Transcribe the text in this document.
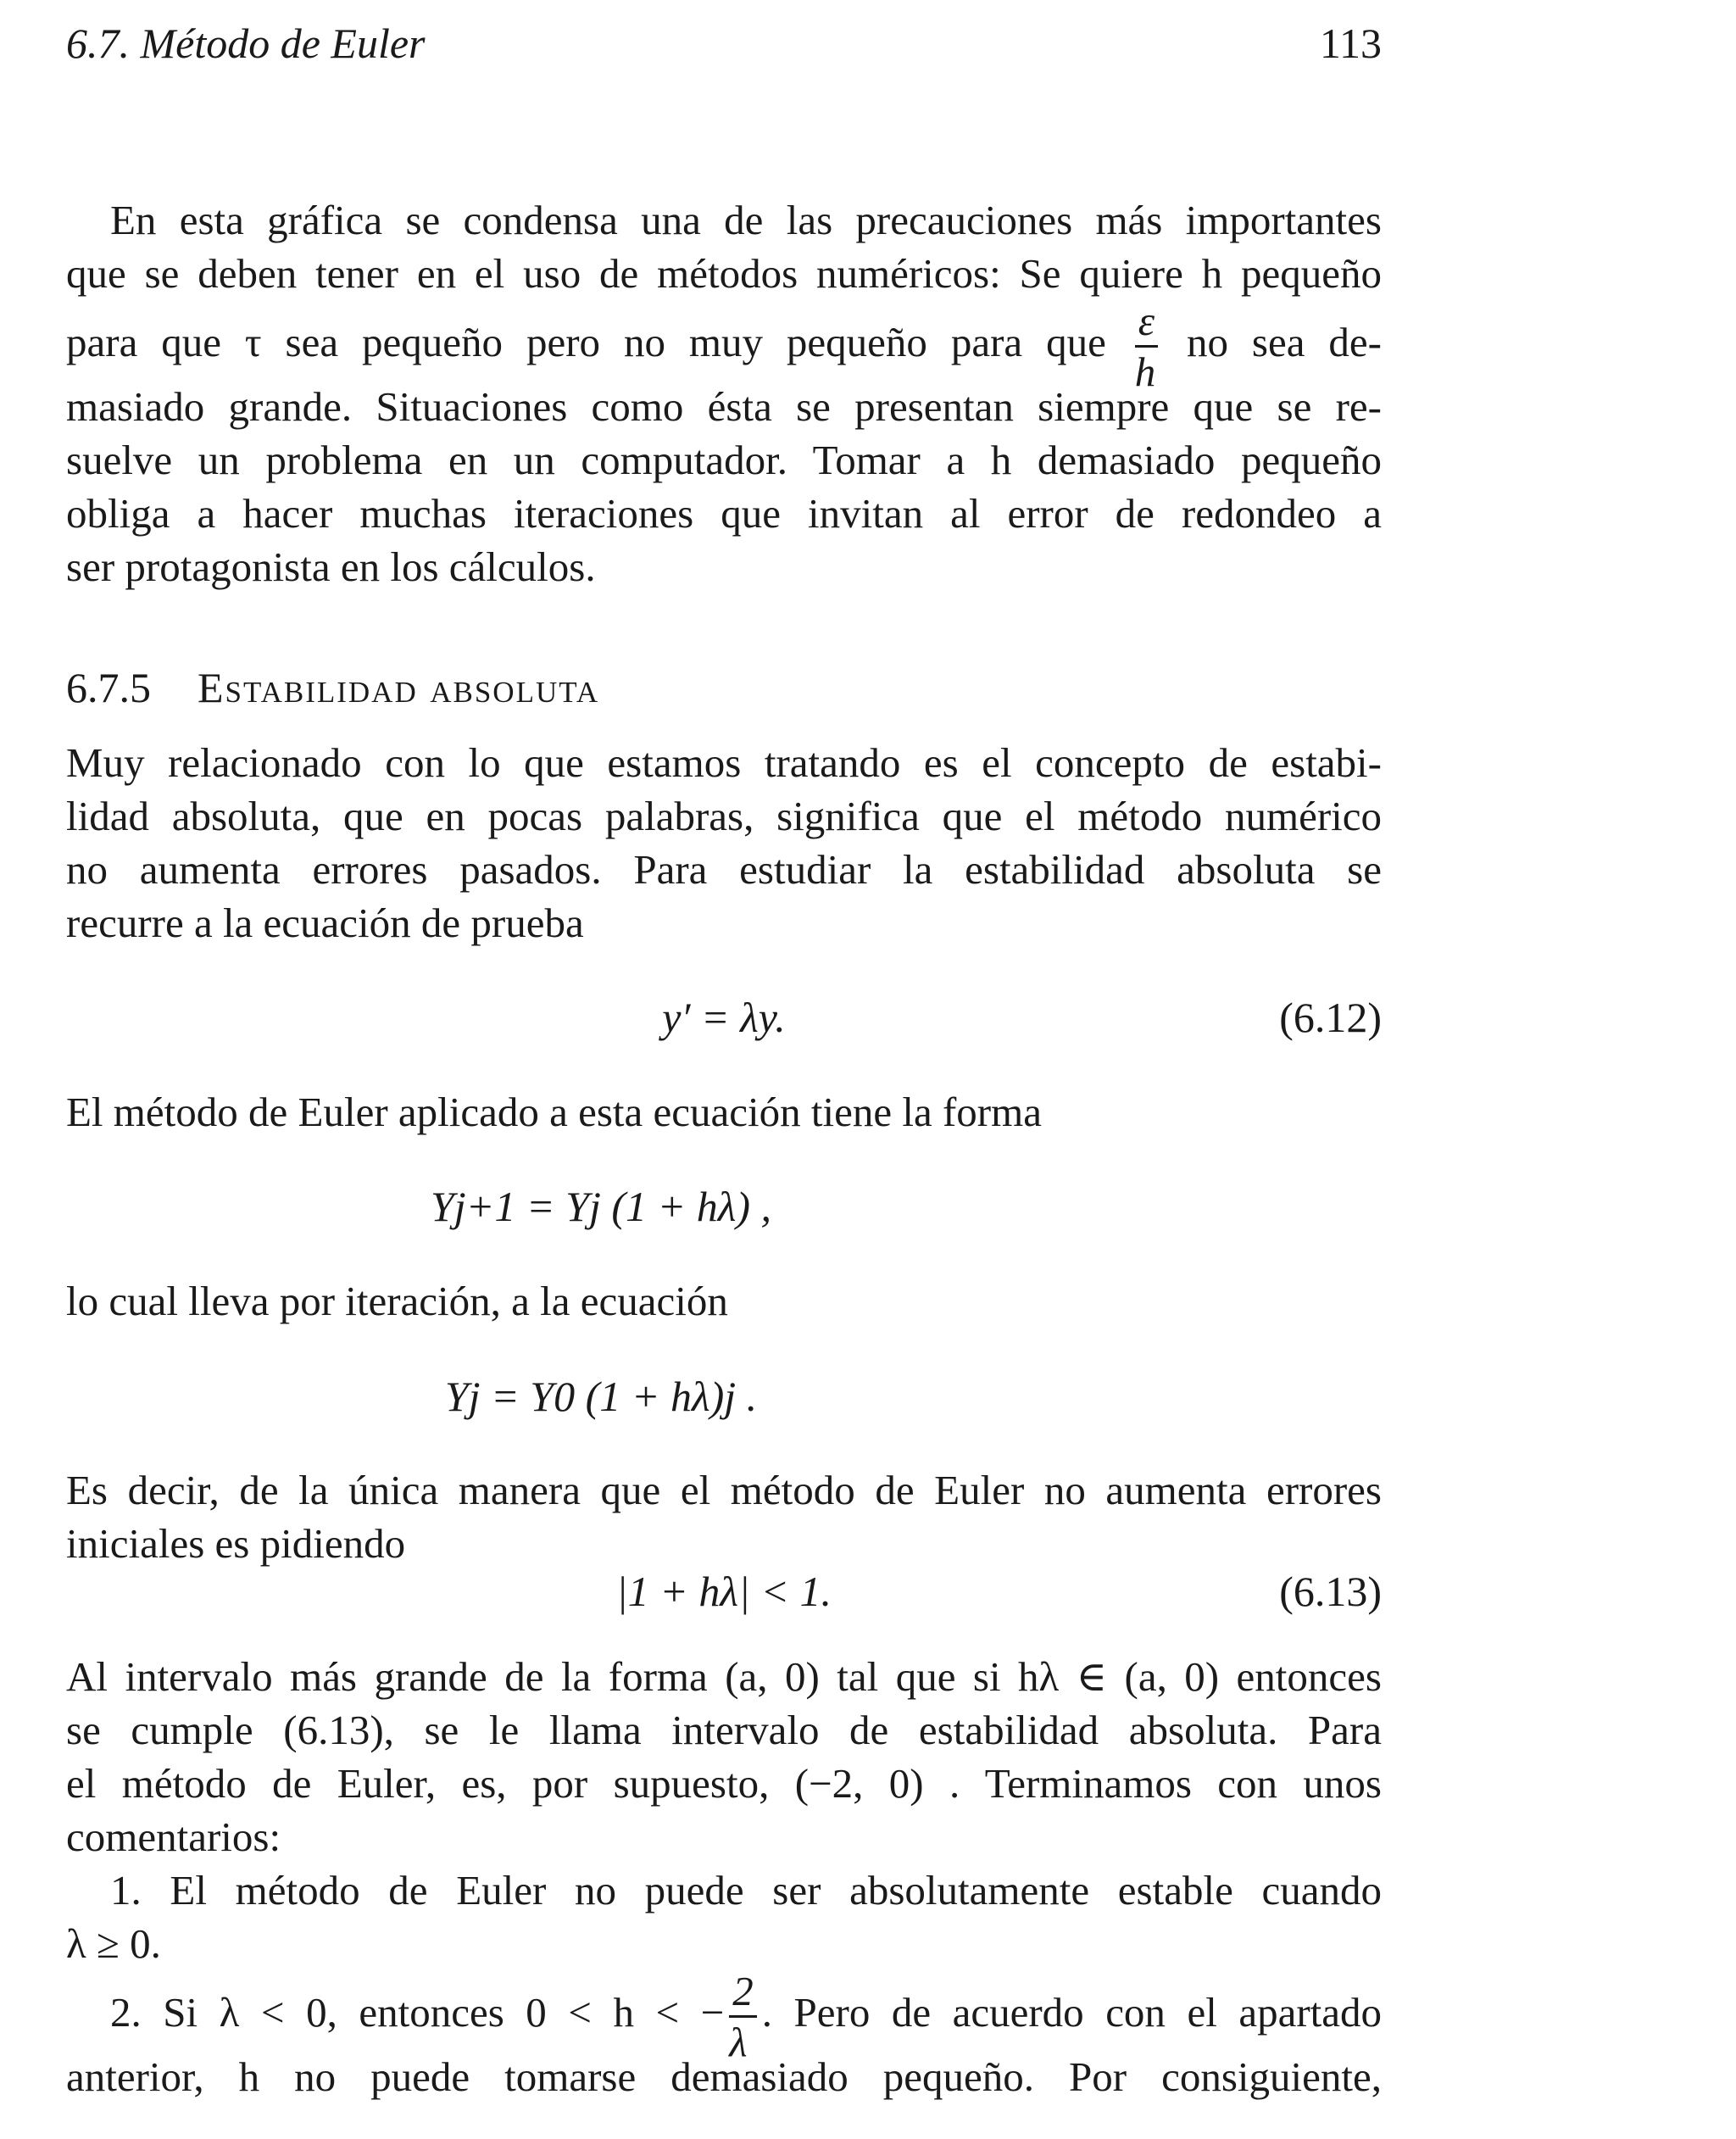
6.7. Método de Euler	113
En esta gráfica se condensa una de las precauciones más importantes
que se deben tener en el uso de métodos numéricos: Se quiere h pequeño
para que τ sea pequeño pero no muy pequeño para que $\frac{\varepsilon}{h}$ no sea de-
masiado grande. Situaciones como ésta se presentan siempre que se re-
suelve un problema en un computador. Tomar a h demasiado pequeño
obliga a hacer muchas iteraciones que invitan al error de redondeo a
ser protagonista en los cálculos.
6.7.5 Estabilidad absoluta
Muy relacionado con lo que estamos tratando es el concepto de estabi-
lidad absoluta, que en pocas palabras, significa que el método numérico
no aumenta errores pasados. Para estudiar la estabilidad absoluta se
recurre a la ecuación de prueba
y′ = λy.	(6.12)
El método de Euler aplicado a esta ecuación tiene la forma
Yj+1 = Yj (1 + hλ) ,
lo cual lleva por iteración, a la ecuación
Yj = Y0 (1 + hλ)j .
Es decir, de la única manera que el método de Euler no aumenta errores
iniciales es pidiendo
|1 + hλ| < 1.	(6.13)
Al intervalo más grande de la forma (a, 0) tal que si hλ ∈ (a, 0) entonces
se cumple (6.13), se le llama intervalo de estabilidad absoluta. Para
el método de Euler, es, por supuesto, (−2, 0) . Terminamos con unos
comentarios:
1. El método de Euler no puede ser absolutamente estable cuando
λ ≥ 0.
2. Si λ < 0, entonces 0 < h < − $\frac{2}{\lambda}$ . Pero de acuerdo con el apartado
anterior, h no puede tomarse demasiado pequeño. Por consiguiente,
